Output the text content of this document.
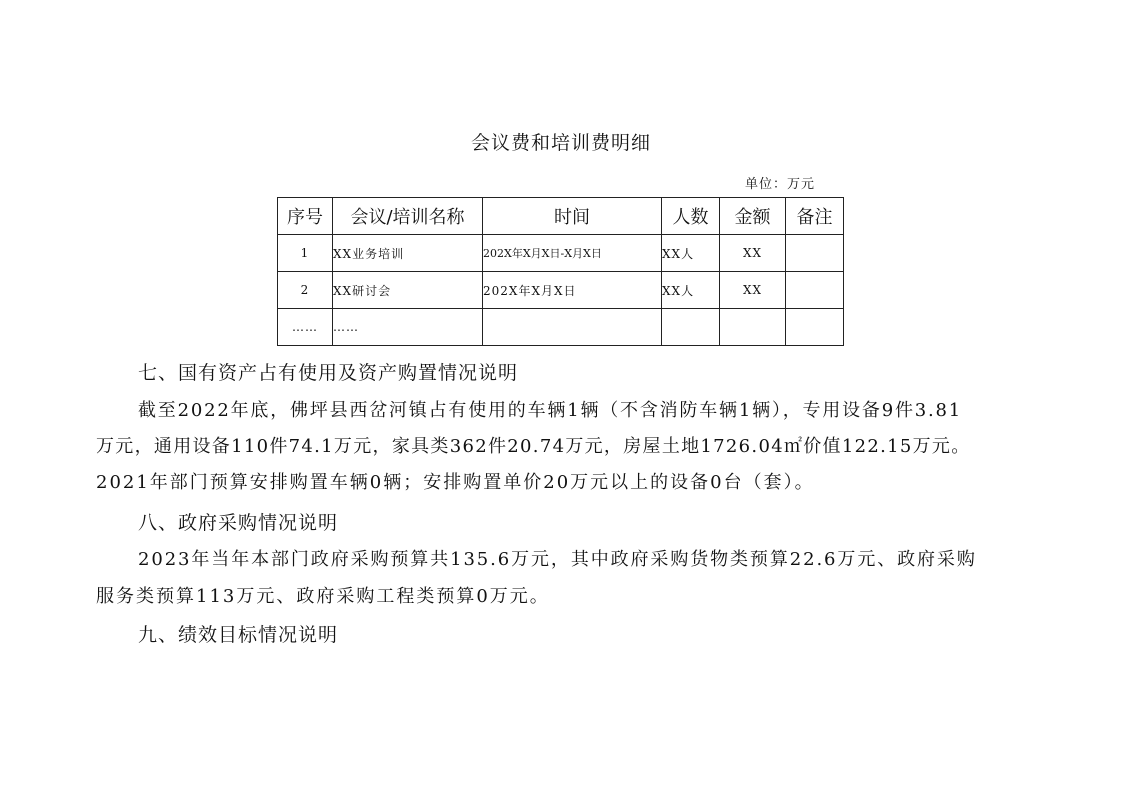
会议费和培训费明细
单位：万元
序号	会议/培训名称	时间	人数	金额	备注
1	XX业务培训	202X年X月X日-X月X日	XX人	XX	
2	XX研讨会	202X年X月X日	XX人	XX	
……	……				
七、国有资产占有使用及资产购置情况说明
截至2022年底，佛坪县西岔河镇占有使用的车辆1辆（不含消防车辆1辆），专用设备9件3.81
万元，通用设备110件74.1万元，家具类362件20.74万元，房屋土地1726.04㎡价值122.15万元。
2021年部门预算安排购置车辆0辆；安排购置单价20万元以上的设备0台（套）。
八、政府采购情况说明
2023年当年本部门政府采购预算共135.6万元，其中政府采购货物类预算22.6万元、政府采购
服务类预算113万元、政府采购工程类预算0万元。
九、绩效目标情况说明
